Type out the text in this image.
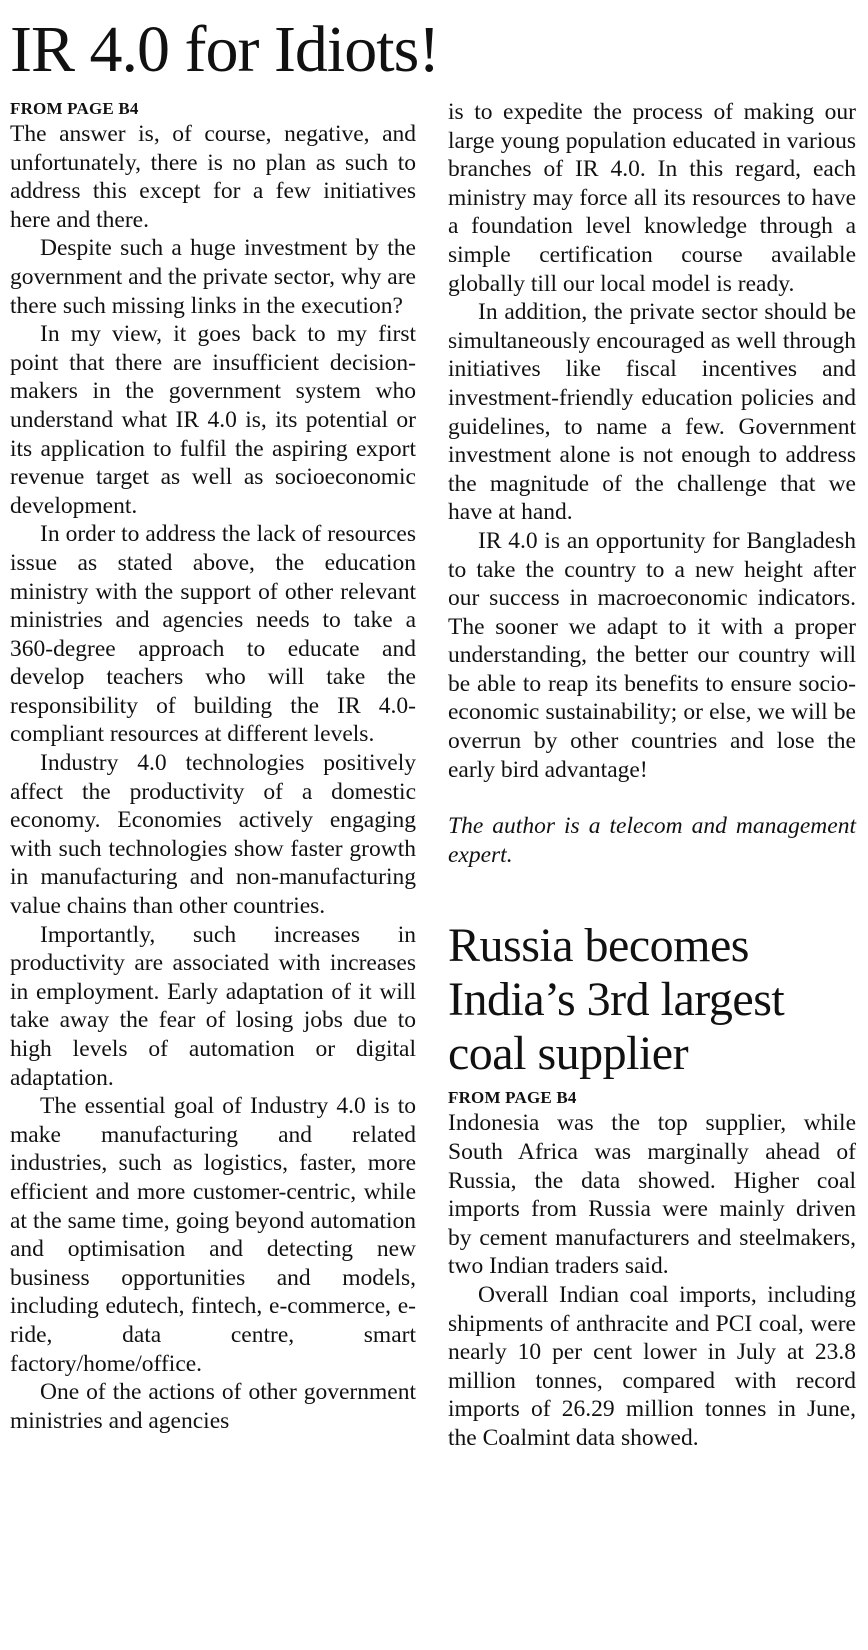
IR 4.0 for Idiots!

FROM PAGE B4

The answer is, of course, negative, and unfortunately, there is no plan as such to address this except for a few initiatives here and there.

Despite such a huge investment by the government and the private sector, why are there such missing links in the execution?

In my view, it goes back to my first point that there are insufficient decision-makers in the government system who understand what IR 4.0 is, its potential or its application to fulfil the aspiring export revenue target as well as socioeconomic development.

In order to address the lack of resources issue as stated above, the education ministry with the support of other relevant ministries and agencies needs to take a 360-degree approach to educate and develop teachers who will take the responsibility of building the IR 4.0-compliant resources at different levels.

Industry 4.0 technologies positively affect the productivity of a domestic economy. Economies actively engaging with such technologies show faster growth in manufacturing and non-manufacturing value chains than other countries.

Importantly, such increases in productivity are associated with increases in employment. Early adaptation of it will take away the fear of losing jobs due to high levels of automation or digital adaptation.

The essential goal of Industry 4.0 is to make manufacturing and related industries, such as logistics, faster, more efficient and more customer-centric, while at the same time, going beyond automation and optimisation and detecting new business opportunities and models, including edutech, fintech, e-commerce, e-ride, data centre, smart factory/home/office.

One of the actions of other government ministries and agencies

is to expedite the process of making our large young population educated in various branches of IR 4.0. In this regard, each ministry may force all its resources to have a foundation level knowledge through a simple certification course available globally till our local model is ready.

In addition, the private sector should be simultaneously encouraged as well through initiatives like fiscal incentives and investment-friendly education policies and guidelines, to name a few. Government investment alone is not enough to address the magnitude of the challenge that we have at hand.

IR 4.0 is an opportunity for Bangladesh to take the country to a new height after our success in macroeconomic indicators. The sooner we adapt to it with a proper understanding, the better our country will be able to reap its benefits to ensure socio-economic sustainability; or else, we will be overrun by other countries and lose the early bird advantage!

The author is a telecom and management expert.

Russia becomes India’s 3rd largest coal supplier

FROM PAGE B4

Indonesia was the top supplier, while South Africa was marginally ahead of Russia, the data showed. Higher coal imports from Russia were mainly driven by cement manufacturers and steelmakers, two Indian traders said.

Overall Indian coal imports, including shipments of anthracite and PCI coal, were nearly 10 per cent lower in July at 23.8 million tonnes, compared with record imports of 26.29 million tonnes in June, the Coalmint data showed.
